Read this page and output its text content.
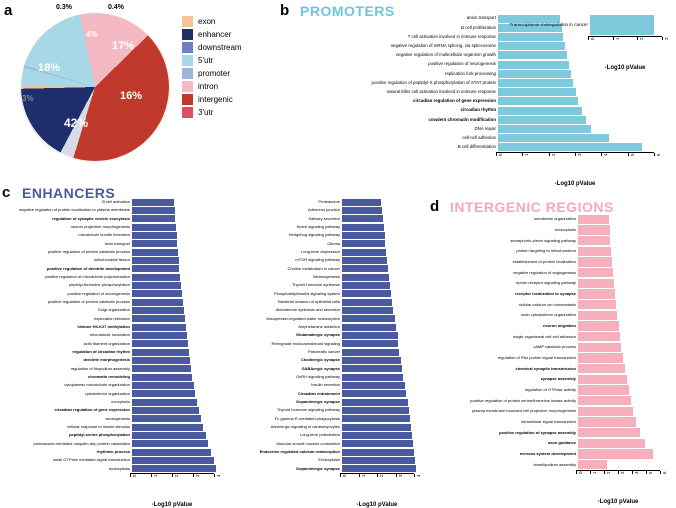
a	0.3%
4%
18%
3%
0.4%
17%
16%
42%
exon
enhancer
downstream
5'utr
promoter
intron
intergenic
3'utr
b PROMOTERS	anion transport
B cell proliferation
T cell activation involved in immune response
negative regulation of mRNA splicing, via spliceosome
negative regulation of multicellular organism growth
positive regulation of neurogenesis
replication fork processing
positive regulation of peptidyl-S phosphorylation of STAT protein
natural killer cell activation involved in immune response
circadian regulation of gene expression
circadian rhythm
covalent chromatin modification
DNA repair
cell-cell adhesion
B cell differentiation
0	1	2	3	4	5	6
-Log10 pValue
Transcriptional misregulation in cancer
0	1	2	3
-Log10 pValue
c ENHANCERS
B cell activation
negative regulation of protein localization to plasma membrane
regulation of synaptic vesicle exocytosis
neuron projection morphogenesis
microtubule bundle formation
toxin transport
positive regulation of protein catabolic process
mitochondrial fission
positive regulation of dendrite development
positive regulation of microtubule polymerization
peptidyl-threonine phosphorylation
positive regulation of axonogenesis
positive regulation of protein catabolic process
Golgi organization
exploration behavior
histone H3-K27 methylation
microtubule nucleation
actin filament organization
regulation of circadian rhythm
dendrite morphogenesis
regulation of filopodium assembly
chromatin remodeling
cytoplasmic microtubule organization
cytoskeleton organization
exocytosis
circadian regulation of gene expression
axonogenesis
cellular response to insulin stimulus
peptidyl-serine phosphorylation
proteasome-mediated ubiquitin-dep protein catabolism
rhythmic process
small GTPase mediated signal transduction
endocytosis
0	1	2	3	4
-Log10 pValue
Proteasome
Adherens junction
Salivary secretion
Notch signaling pathway
Hedgehog signaling pathway
Glioma
Long-term depression
mTOR signaling pathway
Choline metabolism in cancer
Melanogenesis
Thyroid hormone synthesis
Phosphatidylinositol signaling system
Bacterial invasion of epithelial cells
Aldosterone synthesis and secretion
Vasopressin-regulated water reabsorption
Amphetamine addiction
Glutamatergic synapse
Retrograde endocannabinoid signaling
Pancreatic cancer
Cholinergic synapse
GABAergic synapse
GnRH signaling pathway
Insulin secretion
Circadian entrainment
Dopaminergic synapse
Thyroid hormone signaling pathway
Fc gamma R-mediated phagocytosis
Adrenergic signaling in cardiomyocytes
Long-term potentiation
Vascular smooth muscle contraction
Endocrine regulated calcium reabsorption
Endocytosis
Dopaminergic synapse
0	1	2	3	4
-Log10 pValue
d INTERGENIC REGIONS
membrane organization
endocytosis
semaphorin-plexin signaling pathway
protein targeting to mitochondrion
establishment of protein localization
negative regulation of angiogenesis
ephrin receptor signaling pathway
receptor localization to synapse
cellular calcium ion homeostasis
actin cytoskeleton organization
neuron migration
single organismal cell-cell adhesion
cAMP catabolic process
regulation of Rho protein signal transduction
chemical synaptic transmission
synapse assembly
regulation of GTPase activity
positive regulation of protein serine/threonine kinase activity
plasma membrane bounded cell projection morphogenesis
intracellular signal transduction
positive regulation of synapse assembly
axon guidance
nervous system development
lamellipodium assembly
0 1 2 3 4 5 6
-Log10 pValue
